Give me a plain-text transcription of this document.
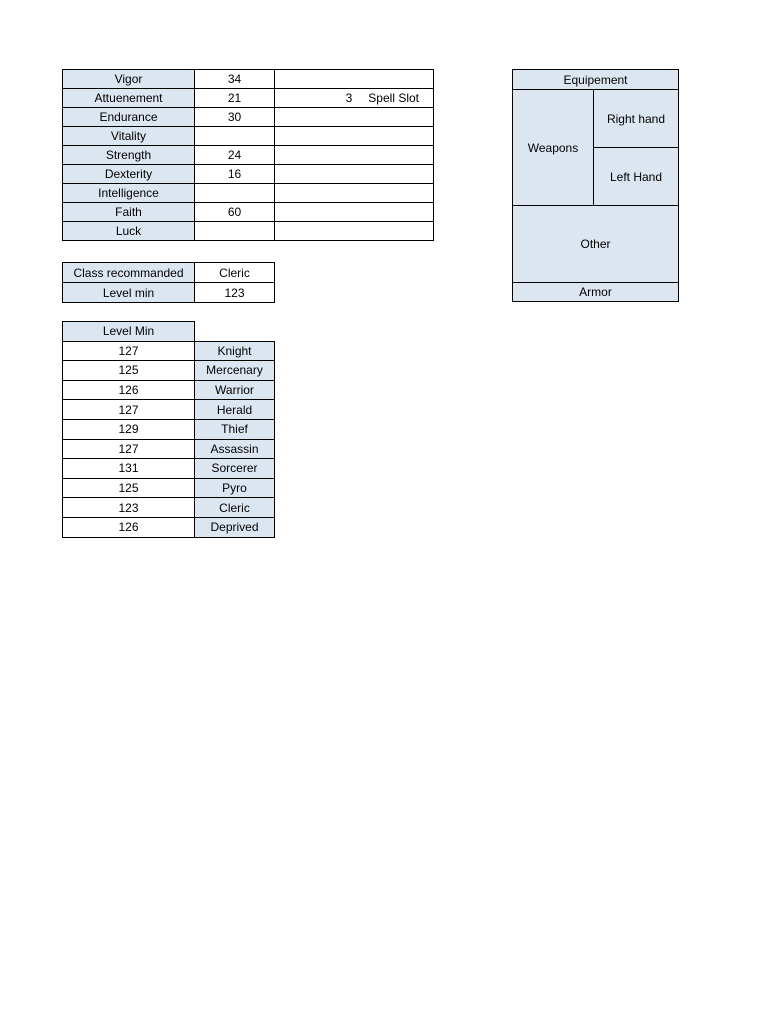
Vigor	34	
Attuenement	21	3 Spell Slot

Endurance	30	
Vitality		
Strength	24	
Dexterity	16	
Intelligence		
Faith	60	
Luck		
Class recommanded	Cleric
Level min	123
Level Min	
127	Knight
125	Mercenary
126	Warrior
127	Herald
129	Thief
127	Assassin
131	Sorcerer
125	Pyro
123	Cleric
126	Deprived
Equipement
Weapons	Right hand
Left Hand
Other
Armor
